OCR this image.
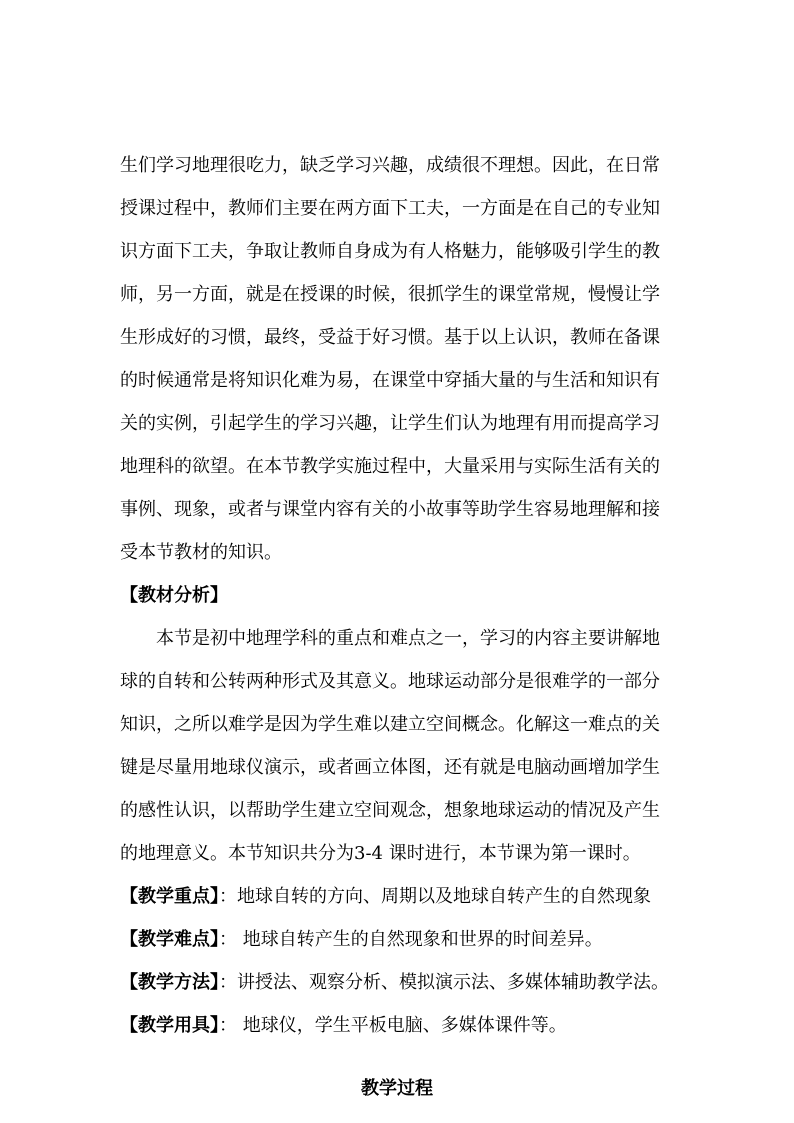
生们学习地理很吃力，缺乏学习兴趣，成绩很不理想。因此，在日常
授课过程中，教师们主要在两方面下工夫，一方面是在自己的专业知
识方面下工夫，争取让教师自身成为有人格魅力，能够吸引学生的教
师，另一方面，就是在授课的时候，很抓学生的课堂常规，慢慢让学
生形成好的习惯，最终，受益于好习惯。基于以上认识，教师在备课
的时候通常是将知识化难为易，在课堂中穿插大量的与生活和知识有
关的实例，引起学生的学习兴趣，让学生们认为地理有用而提高学习
地理科的欲望。在本节教学实施过程中，大量采用与实际生活有关的
事例、现象，或者与课堂内容有关的小故事等助学生容易地理解和接
受本节教材的知识。
【教材分析】
本节是初中地理学科的重点和难点之一，学习的内容主要讲解地
球的自转和公转两种形式及其意义。地球运动部分是很难学的一部分
知识，之所以难学是因为学生难以建立空间概念。化解这一难点的关
键是尽量用地球仪演示，或者画立体图，还有就是电脑动画增加学生
的感性认识，以帮助学生建立空间观念，想象地球运动的情况及产生
的地理意义。本节知识共分为3-4 课时进行，本节课为第一课时。
【教学重点】：地球自转的方向、周期以及地球自转产生的自然现象
【教学难点】： 地球自转产生的自然现象和世界的时间差异。
【教学方法】：讲授法、观察分析、模拟演示法、多媒体辅助教学法。
【教学用具】： 地球仪，学生平板电脑、多媒体课件等。
教学过程
